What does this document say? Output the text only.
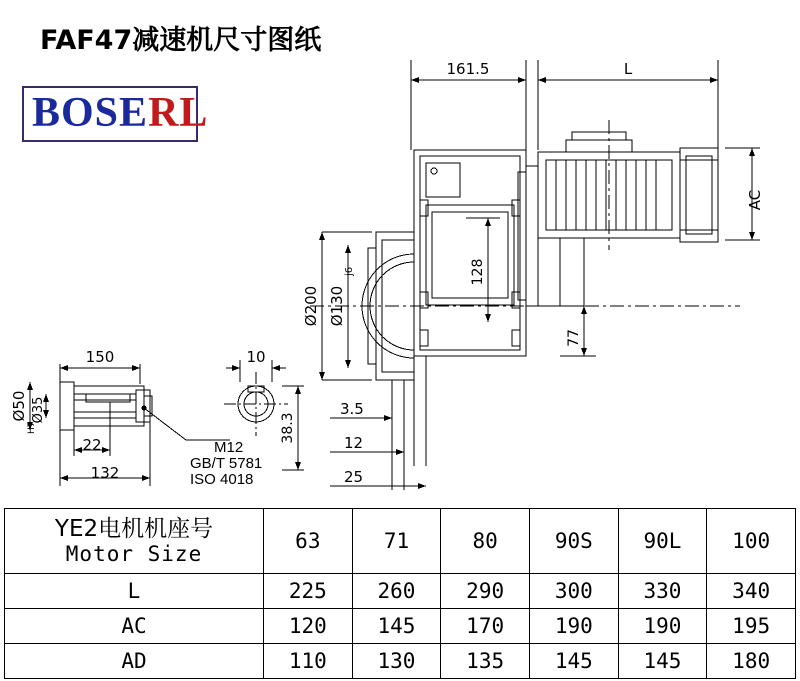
FAF47减速机尺寸图纸
BOSERL
161.5	L
AC
Ø200 Ø130
j6	128
77
3.5
12
25
150
22
132
10
Ø50 Ø35
H7	38.3
M12
GB/T 5781
ISO 4018
YE2电机机座号
Motor Size	63	71	80	90S	90L	100
L	225	260	290	300	330	340
AC	120	145	170	190	190	195
AD	110	130	135	145	145	180
